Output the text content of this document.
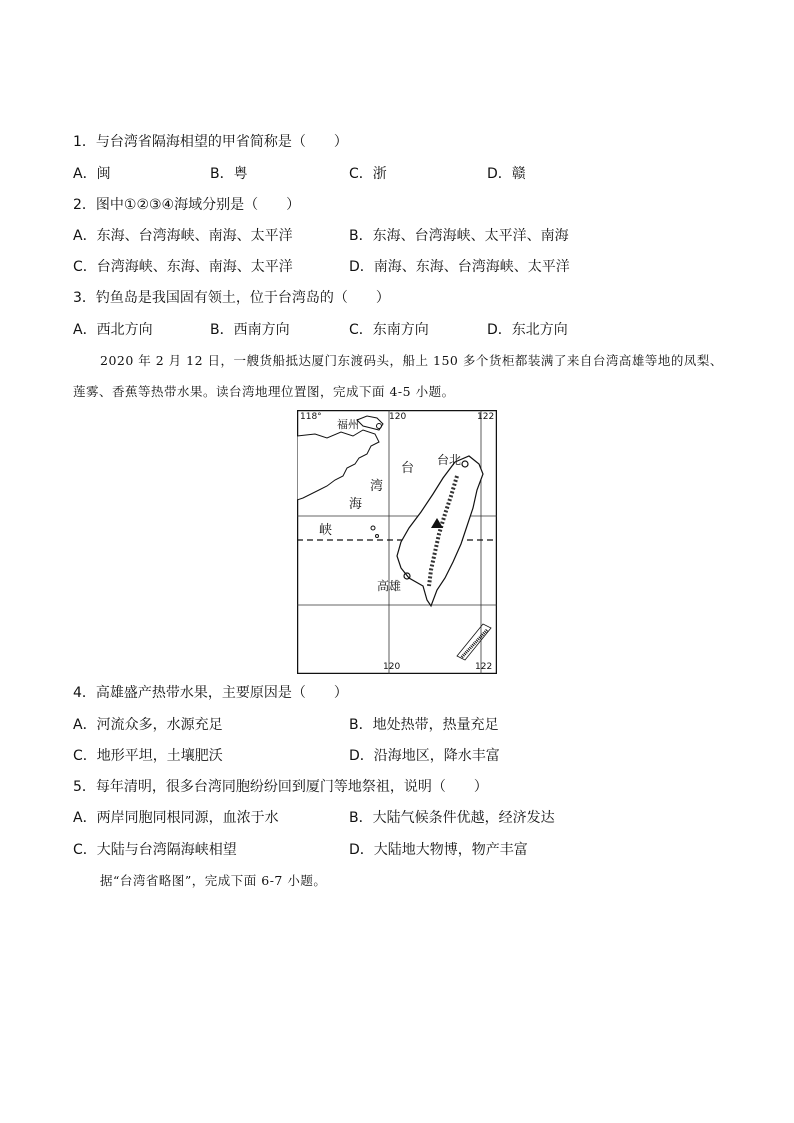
1．与台湾省隔海相望的甲省简称是（　　）
A．闽	B．粤	C．浙	D．赣
2．图中①②③④海域分别是（　　）
A．东海、台湾海峡、南海、太平洋	B．东海、台湾海峡、太平洋、南海
C．台湾海峡、东海、南海、太平洋	D．南海、东海、台湾海峡、太平洋
3．钓鱼岛是我国固有领土，位于台湾岛的（　　）
A．西北方向	B．西南方向	C．东南方向	D．东北方向
2020 年 2 月 12 日，一艘货船抵达厦门东渡码头，船上 150 多个货柜都装满了来自台湾高雄等地的凤梨、
莲雾、香蕉等热带水果。读台湾地理位置图，完成下面 4-5 小题。
118°	120	122
120	122
福州
台北
高雄
台
湾
海
峡
4．高雄盛产热带水果，主要原因是（　　）
A．河流众多，水源充足	B．地处热带，热量充足
C．地形平坦，土壤肥沃	D．沿海地区，降水丰富
5．每年清明，很多台湾同胞纷纷回到厦门等地祭祖，说明（　　）
A．两岸同胞同根同源，血浓于水	B．大陆气候条件优越，经济发达
C．大陆与台湾隔海峡相望	D．大陆地大物博，物产丰富
据“台湾省略图”，完成下面 6-7 小题。
